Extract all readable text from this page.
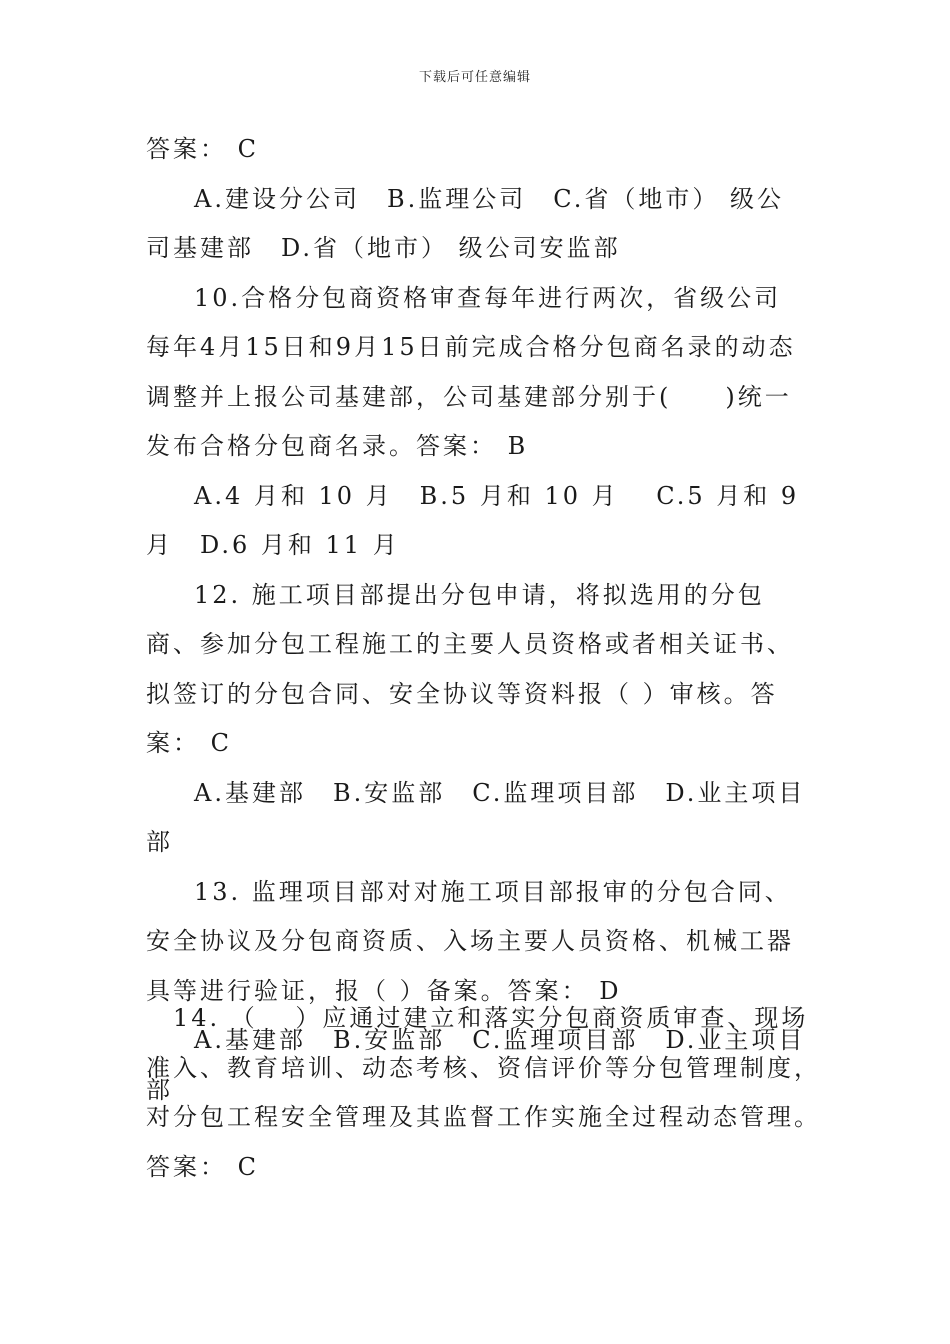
下载后可任意编辑

答案： C

A.建设分公司　B.监理公司　C.省（地市） 级公司基建部　D.省（地市） 级公司安监部

10.合格分包商资格审查每年进行两次，省级公司每年4月15日和9月15日前完成合格分包商名录的动态调整并上报公司基建部，公司基建部分别于(　　)统一发布合格分包商名录。答案： B

A.4 月和 10 月　B.5 月和 10 月　 C.5 月和 9 月　D.6 月和 11 月

12. 施工项目部提出分包申请，将拟选用的分包商、参加分包工程施工的主要人员资格或者相关证书、拟签订的分包合同、安全协议等资料报（ ）审核。答案： C

A.基建部　B.安监部　C.监理项目部　D.业主项目部

13. 监理项目部对对施工项目部报审的分包合同、安全协议及分包商资质、入场主要人员资格、机械工器具等进行验证，报（ ）备案。答案： D

A.基建部　B.安监部　C.监理项目部　D.业主项目部

　14. （　 ）应通过建立和落实分包商资质审查、现场
准入、教育培训、动态考核、资信评价等分包管理制度，
对分包工程安全管理及其监督工作实施全过程动态管理。
答案： C
